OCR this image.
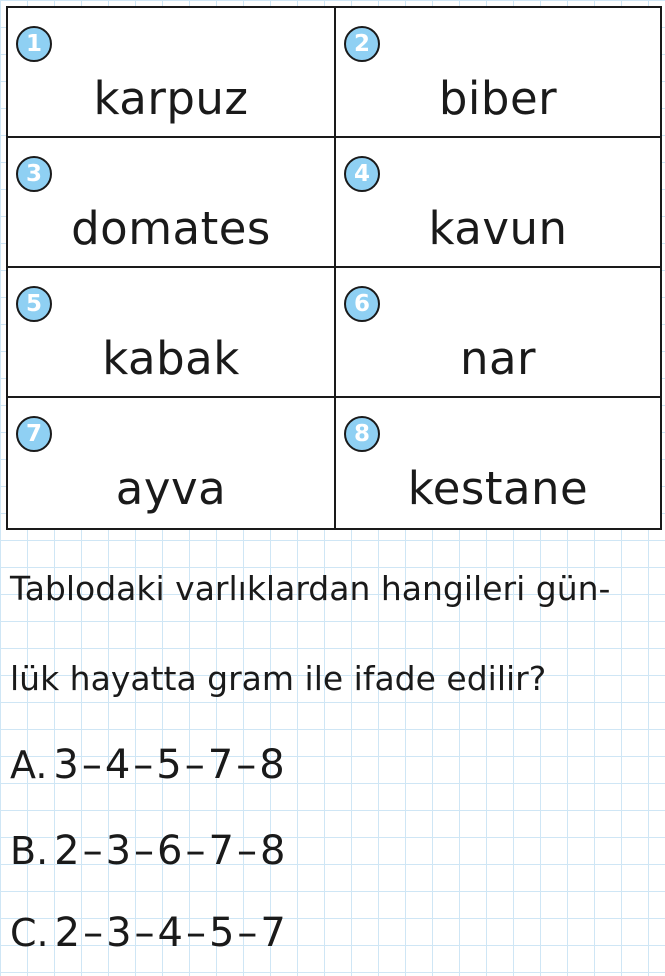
1
karpuz
2
biber
3
domates
4
kavun
5
kabak
6
nar
7
ayva
8
kestane
Tablodaki varlıklardan hangileri gün-
lük hayatta gram ile ifade edilir?
A. 3–4–5–7–8
B. 2–3–6–7–8
C. 2–3–4–5–7
